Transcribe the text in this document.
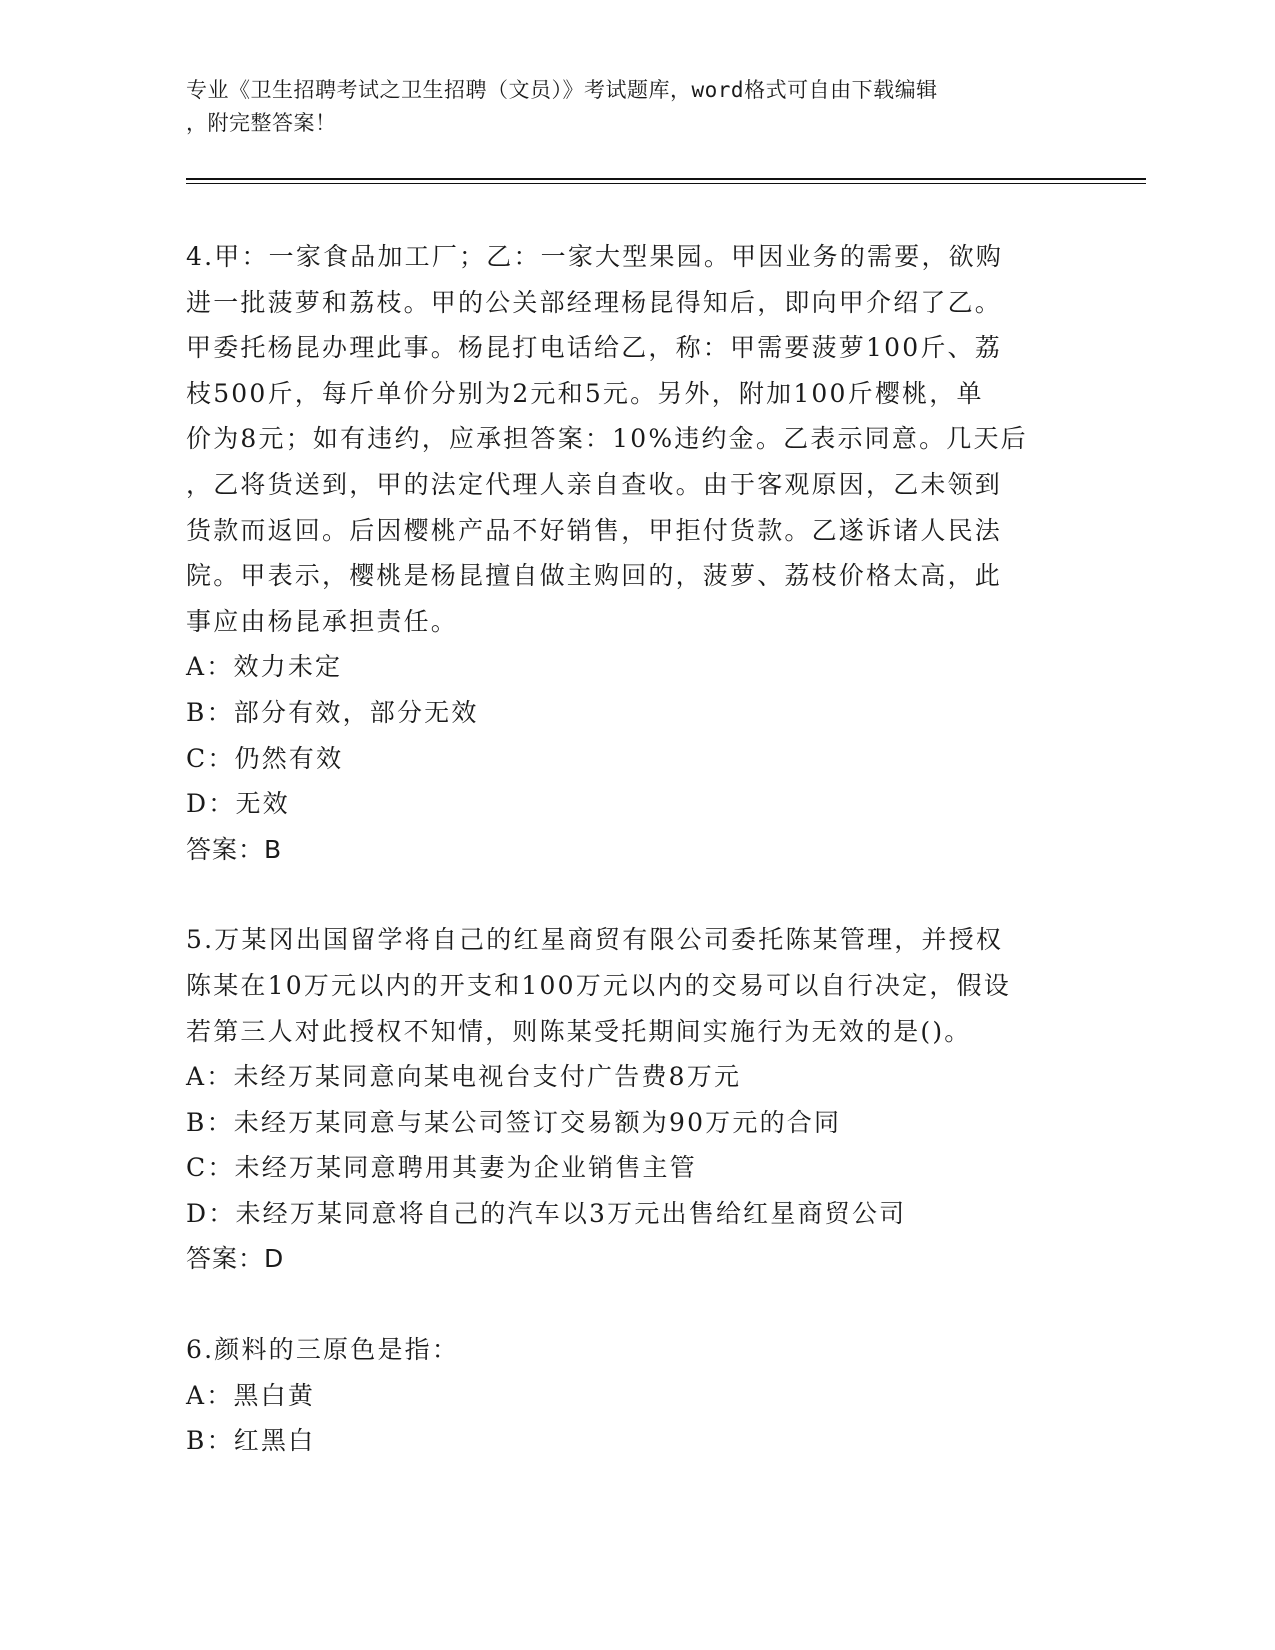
专业《卫生招聘考试之卫生招聘（文员）》考试题库，word格式可自由下载编辑
，附完整答案！
4.甲：一家食品加工厂；乙：一家大型果园。甲因业务的需要，欲购
进一批菠萝和荔枝。甲的公关部经理杨昆得知后，即向甲介绍了乙。
甲委托杨昆办理此事。杨昆打电话给乙，称：甲需要菠萝100斤、荔
枝500斤，每斤单价分别为2元和5元。另外，附加100斤樱桃，单
价为8元；如有违约，应承担答案：10%违约金。乙表示同意。几天后
，乙将货送到，甲的法定代理人亲自查收。由于客观原因，乙未领到
货款而返回。后因樱桃产品不好销售，甲拒付货款。乙遂诉诸人民法
院。甲表示，樱桃是杨昆擅自做主购回的，菠萝、荔枝价格太高，此
事应由杨昆承担责任。
A：效力未定
B：部分有效，部分无效
C：仍然有效
D：无效
答案：B
5.万某冈出国留学将自己的红星商贸有限公司委托陈某管理，并授权
陈某在10万元以内的开支和100万元以内的交易可以自行决定，假设
若第三人对此授权不知情，则陈某受托期间实施行为无效的是()。
A：未经万某同意向某电视台支付广告费8万元
B：未经万某同意与某公司签订交易额为90万元的合同
C：未经万某同意聘用其妻为企业销售主管
D：未经万某同意将自己的汽车以3万元出售给红星商贸公司
答案：D
6.颜料的三原色是指：
A：黑白黄
B：红黑白
